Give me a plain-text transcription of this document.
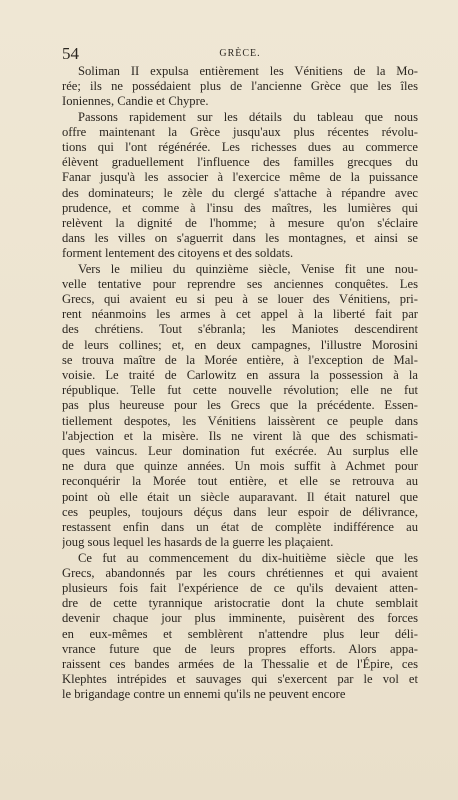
54	GRÈCE.

Soliman II expulsa entièrement les Vénitiens de la Mo-
rée; ils ne possédaient plus de l'ancienne Grèce que les îles
Ioniennes, Candie et Chypre.

Passons rapidement sur les détails du tableau que nous
offre maintenant la Grèce jusqu'aux plus récentes révolu-
tions qui l'ont régénérée. Les richesses dues au commerce
élèvent graduellement l'influence des familles grecques du
Fanar jusqu'à les associer à l'exercice même de la puissance
des dominateurs; le zèle du clergé s'attache à répandre avec
prudence, et comme à l'insu des maîtres, les lumières qui
relèvent la dignité de l'homme; à mesure qu'on s'éclaire
dans les villes on s'aguerrit dans les montagnes, et ainsi se
forment lentement des citoyens et des soldats.

Vers le milieu du quinzième siècle, Venise fit une nou-
velle tentative pour reprendre ses anciennes conquêtes. Les
Grecs, qui avaient eu si peu à se louer des Vénitiens, pri-
rent néanmoins les armes à cet appel à la liberté fait par
des chrétiens. Tout s'ébranla; les Maniotes descendirent
de leurs collines; et, en deux campagnes, l'illustre Morosini
se trouva maître de la Morée entière, à l'exception de Mal-
voisie. Le traité de Carlowitz en assura la possession à la
république. Telle fut cette nouvelle révolution; elle ne fut
pas plus heureuse pour les Grecs que la précédente. Essen-
tiellement despotes, les Vénitiens laissèrent ce peuple dans
l'abjection et la misère. Ils ne virent là que des schismati-
ques vaincus. Leur domination fut exécrée. Au surplus elle
ne dura que quinze années. Un mois suffit à Achmet pour
reconquérir la Morée tout entière, et elle se retrouva au
point où elle était un siècle auparavant. Il était naturel que
ces peuples, toujours déçus dans leur espoir de délivrance,
restassent enfin dans un état de complète indifférence au
joug sous lequel les hasards de la guerre les plaçaient.

Ce fut au commencement du dix-huitième siècle que les
Grecs, abandonnés par les cours chrétiennes et qui avaient
plusieurs fois fait l'expérience de ce qu'ils devaient atten-
dre de cette tyrannique aristocratie dont la chute semblait
devenir chaque jour plus imminente, puisèrent des forces
en eux-mêmes et semblèrent n'attendre plus leur déli-
vrance future que de leurs propres efforts. Alors appa-
raissent ces bandes armées de la Thessalie et de l'Épire, ces
Klephtes intrépides et sauvages qui s'exercent par le vol et
le brigandage contre un ennemi qu'ils ne peuvent encore
